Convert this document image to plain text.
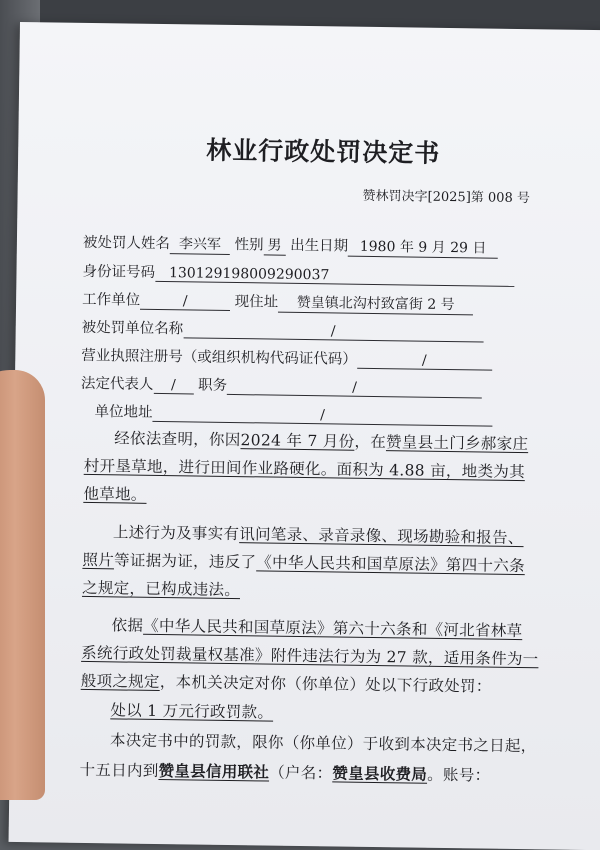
林业行政处罚决定书
赞林罚决字[2025]第 008 号
被处罚人姓名 李兴军 性别 男 出生日期 1980 年 9 月 29 日
身份证号码 130129198009290037
工作单位	/	现住址 赞皇镇北沟村致富街 2 号
被处罚单位名称	/
营业执照注册号（或组织机构代码证代码）	/
法定代表人 / 职务	/
单位地址	/
经依法查明，你因2024 年 7 月份，在赞皇县土门乡郝家庄
村开垦草地，进行田间作业路硬化。面积为 4.88 亩，地类为其
他草地。
上述行为及事实有讯问笔录、录音录像、现场勘验和报告、
照片等证据为证，违反了《中华人民共和国草原法》第四十六条
之规定，已构成违法。
依据《中华人民共和国草原法》第六十六条和《河北省林草
系统行政处罚裁量权基准》附件违法行为为 27 款，适用条件为一
般项之规定，本机关决定对你（你单位）处以下行政处罚：
处以 1 万元行政罚款。
本决定书中的罚款，限你（你单位）于收到本决定书之日起，
十五日内到赞皇县信用联社（户名：赞皇县收费局。账号：
